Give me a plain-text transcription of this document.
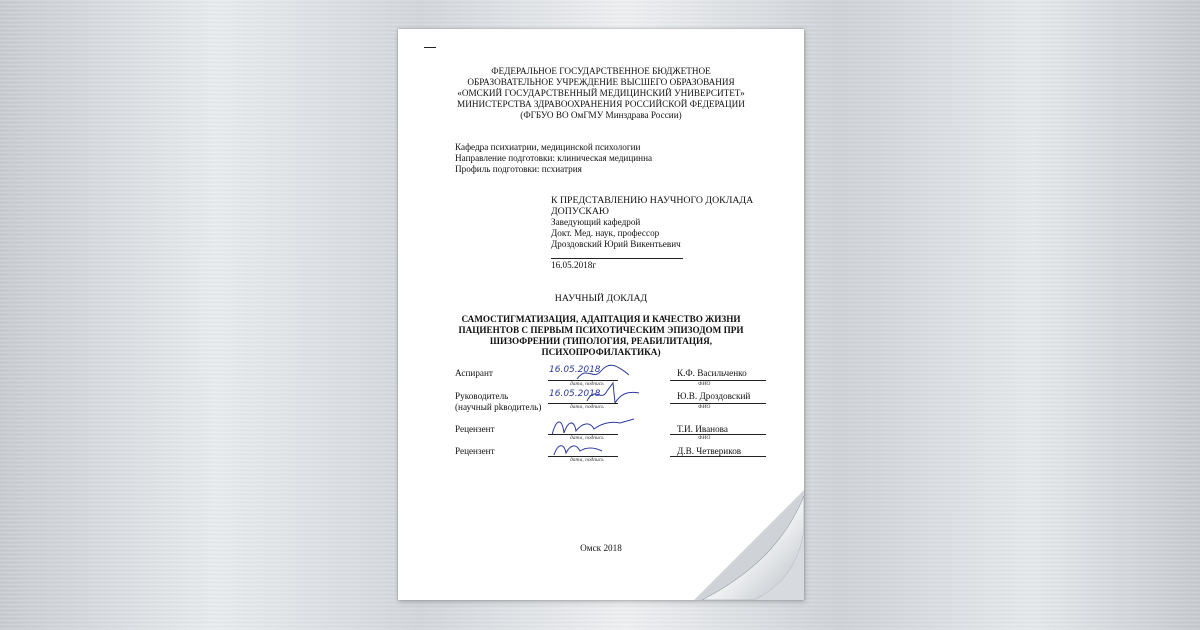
ФЕДЕРАЛЬНОЕ ГОСУДАРСТВЕННОЕ БЮДЖЕТНОЕ
ОБРАЗОВАТЕЛЬНОЕ УЧРЕЖДЕНИЕ ВЫСШЕГО ОБРАЗОВАНИЯ
«ОМСКИЙ ГОСУДАРСТВЕННЫЙ МЕДИЦИНСКИЙ УНИВЕРСИТЕТ»
МИНИСТЕРСТВА ЗДРАВООХРАНЕНИЯ РОССИЙСКОЙ ФЕДЕРАЦИИ
(ФГБУО ВО ОмГМУ Минздрава России)
Кафедра психиатрии, медицинской психологии
Направление подготовки: клиническая медицинна
Профиль подготовки: псхиатрия
К ПРЕДСТАВЛЕНИЮ НАУЧНОГО ДОКЛАДА
ДОПУСКАЮ
Заведующий кафедрой
Докт. Мед. наук, профессор
Дроздовский Юрий Викентьевич
16.05.2018г
НАУЧНЫЙ ДОКЛАД
САМОСТИГМАТИЗАЦИЯ, АДАПТАЦИЯ И КАЧЕСТВО ЖИЗНИ
ПАЦИЕНТОВ С ПЕРВЫМ ПСИХОТИЧЕСКИМ ЭПИЗОДОМ ПРИ
ШИЗОФРЕНИИ (ТИПОЛОГИЯ, РЕАБИЛИТАЦИЯ,
ПСИХОПРОФИЛАКТИКА)
Аспирант	16.05.2018
дата, подпись
К.Ф. Васильченко
ФИО
Руководитель
(научный рkводитель)
16.05.2018
дата, подпись
Ю.В. Дроздовский
ФИО
Рецензент
дата, подпись
Т.И. Иванова
ФИО
Рецензент
дата, подпись
Д.В. Четвериков
Омск 2018
